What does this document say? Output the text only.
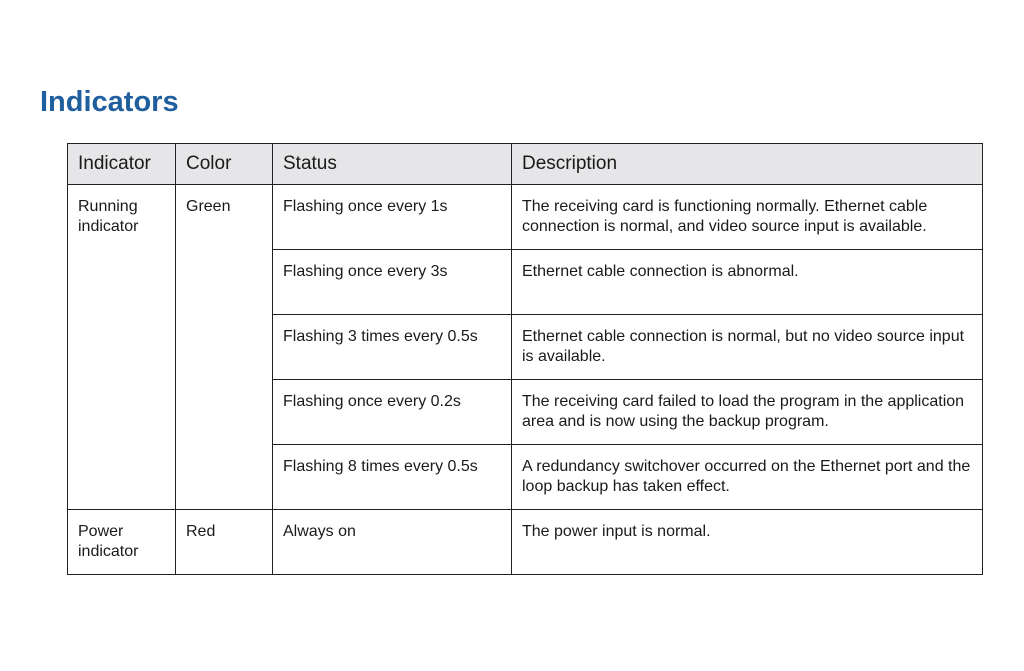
Indicators
Indicator	Color	Status	Description
Running indicator	Green	Flashing once every 1s	The receiving card is functioning normally. Ethernet cable connection is normal, and video source input is available.
		Flashing once every 3s	Ethernet cable connection is abnormal.
		Flashing 3 times every 0.5s	Ethernet cable connection is normal, but no video source input is available.
		Flashing once every 0.2s	The receiving card failed to load the program in the application area and is now using the backup program.
		Flashing 8 times every 0.5s	A redundancy switchover occurred on the Ethernet port and the loop backup has taken effect.
Power indicator	Red	Always on	The power input is normal.
